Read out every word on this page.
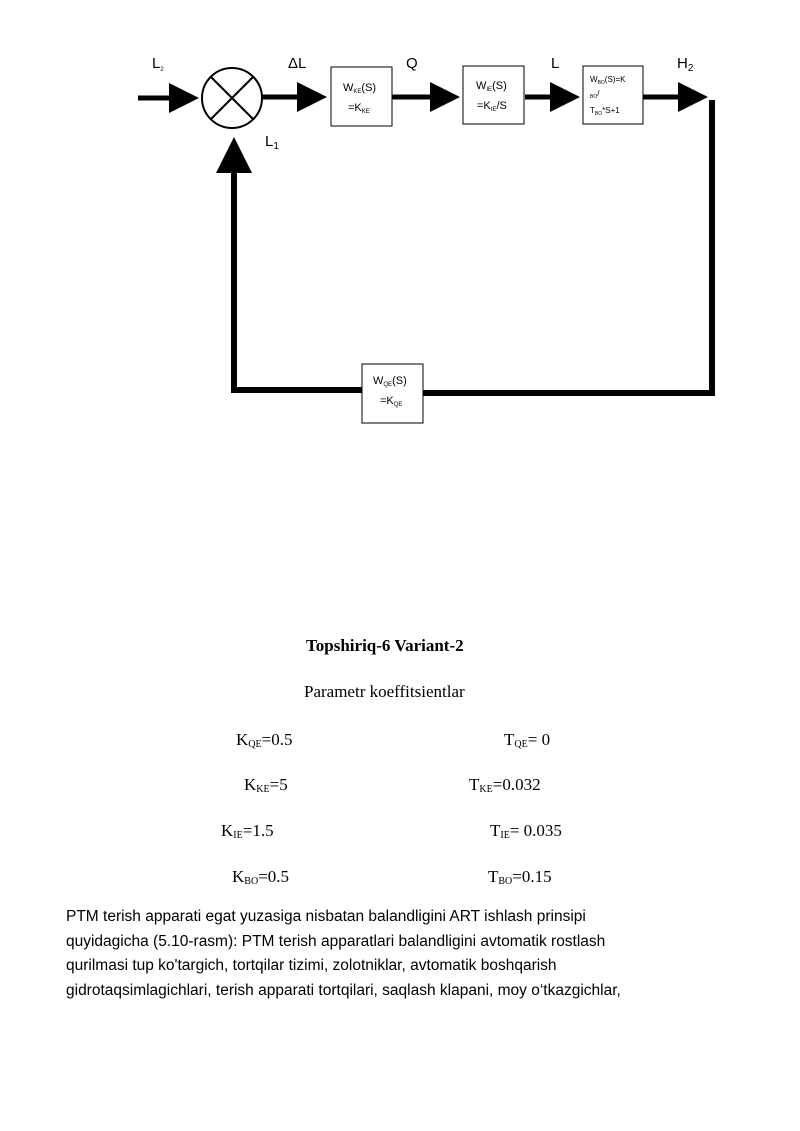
$L_2$	ΔL	Q	L	$H_2$
$L_1$
WKE(S)
=KKE
WIE(S)
=KIE/S
$W_{BO}(S)=K$
BO/
$T_{BO}*S+1$
WQE(S)
=KQE
Topshiriq-6 Variant-2
Parametr koeffitsientlar
$K_{QE}=0.5$	$T_{QE}= 0$
$K_{KE}=5$	$T_{KE}=0.032$
$K_{IE}=1.5$	$T_{IE}= 0.035$
$K_{BO}=0.5$	$T_{BO}=0.15$

PTM terish apparati egat yuzasiga nisbatan balandligini ART ishlash prinsipi

quyidagicha (5.10-rasm): PTM terish apparatlari balandligini avtomatik rostlash

qurilmasi tup ko'targich, tortqilar tizimi, zolotniklar, avtomatik boshqarish

gidrotaqsimlagichlari, terish apparati tortqilari, saqlash klapani, moy o‘tkazgichlar,
